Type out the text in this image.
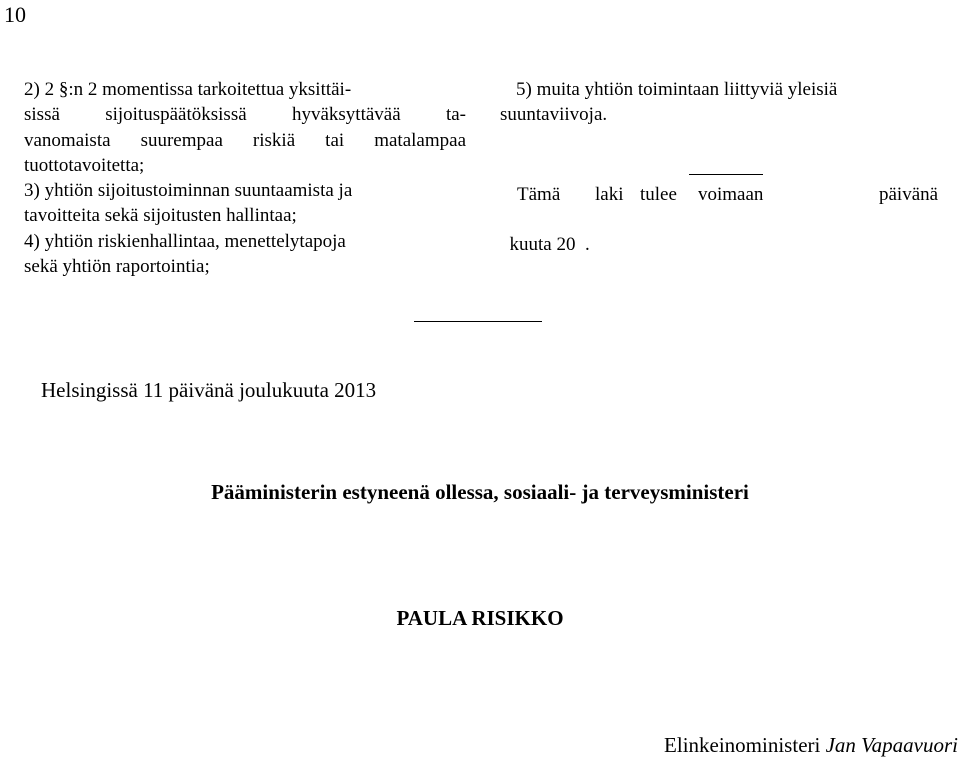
10
2) 2 §:n 2 momentissa tarkoitettua yksittäi-
sissä sijoituspäätöksissä hyväksyttävää ta-
vanomaista suurempaa riskiä tai matalampaa
tuottotavoitetta;
3) yhtiön sijoitustoiminnan suuntaamista ja
tavoitteita sekä sijoitusten hallintaa;
4) yhtiön riskienhallintaa, menettelytapoja
sekä yhtiön raportointia;
5) muita yhtiön toimintaan liittyviä yleisiä
suuntaviivoja.
Tämä laki tulee voimaan	päivänä

kuuta 20  .

Helsingissä 11 päivänä joulukuuta 2013
Pääministerin estyneenä ollessa, sosiaali- ja terveysministeri
PAULA RISIKKO
Elinkeinoministeri Jan Vapaavuori
